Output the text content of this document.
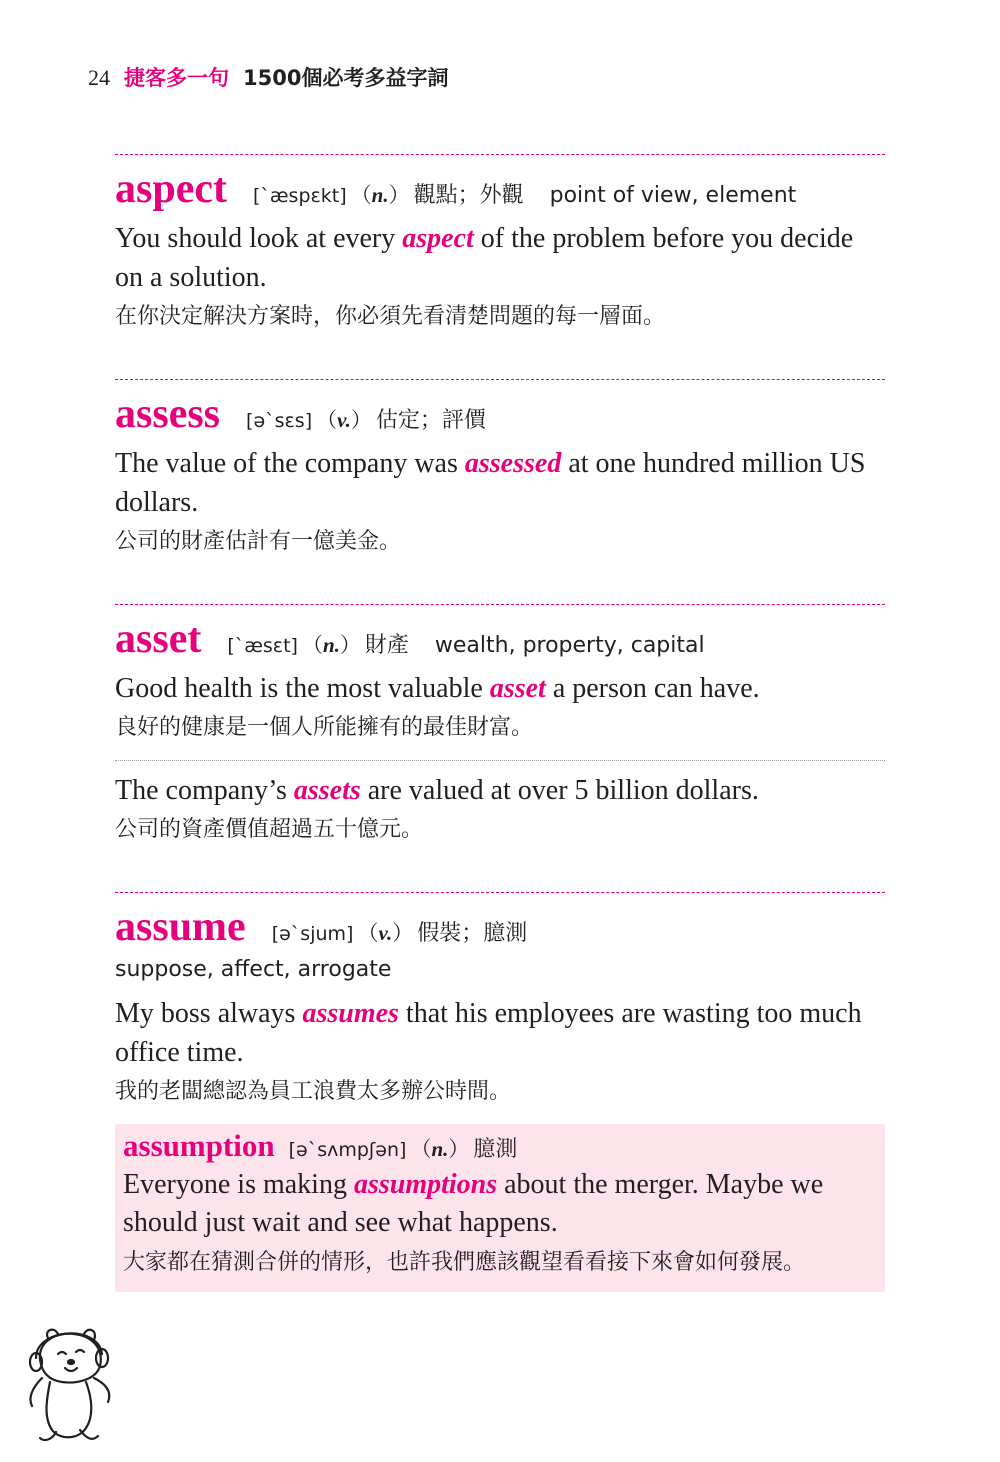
24 捷客多一句 1500個必考多益字詞
aspect [ˋæspɛkt] （n.） 觀點；外觀 point of view, element
You should look at every aspect of the problem before you decide on a solution.
在你決定解決方案時，你必須先看清楚問題的每一層面。
assess [əˋsɛs] （v.） 估定；評價
The value of the company was assessed at one hundred million US dollars.
公司的財產估計有一億美金。
asset [ˋæsɛt] （n.） 財產 wealth, property, capital
Good health is the most valuable asset a person can have.
良好的健康是一個人所能擁有的最佳財富。
The company’s assets are valued at over 5 billion dollars.
公司的資產價值超過五十億元。
assume [əˋsjum] （v.） 假裝；臆測
suppose, affect, arrogate
My boss always assumes that his employees are wasting too much office time.
我的老闆總認為員工浪費太多辦公時間。
assumption [əˋsʌmpʃən] （n.） 臆測
Everyone is making assumptions about the merger. Maybe we should just wait and see what happens.
大家都在猜測合併的情形，也許我們應該觀望看看接下來會如何發展。
